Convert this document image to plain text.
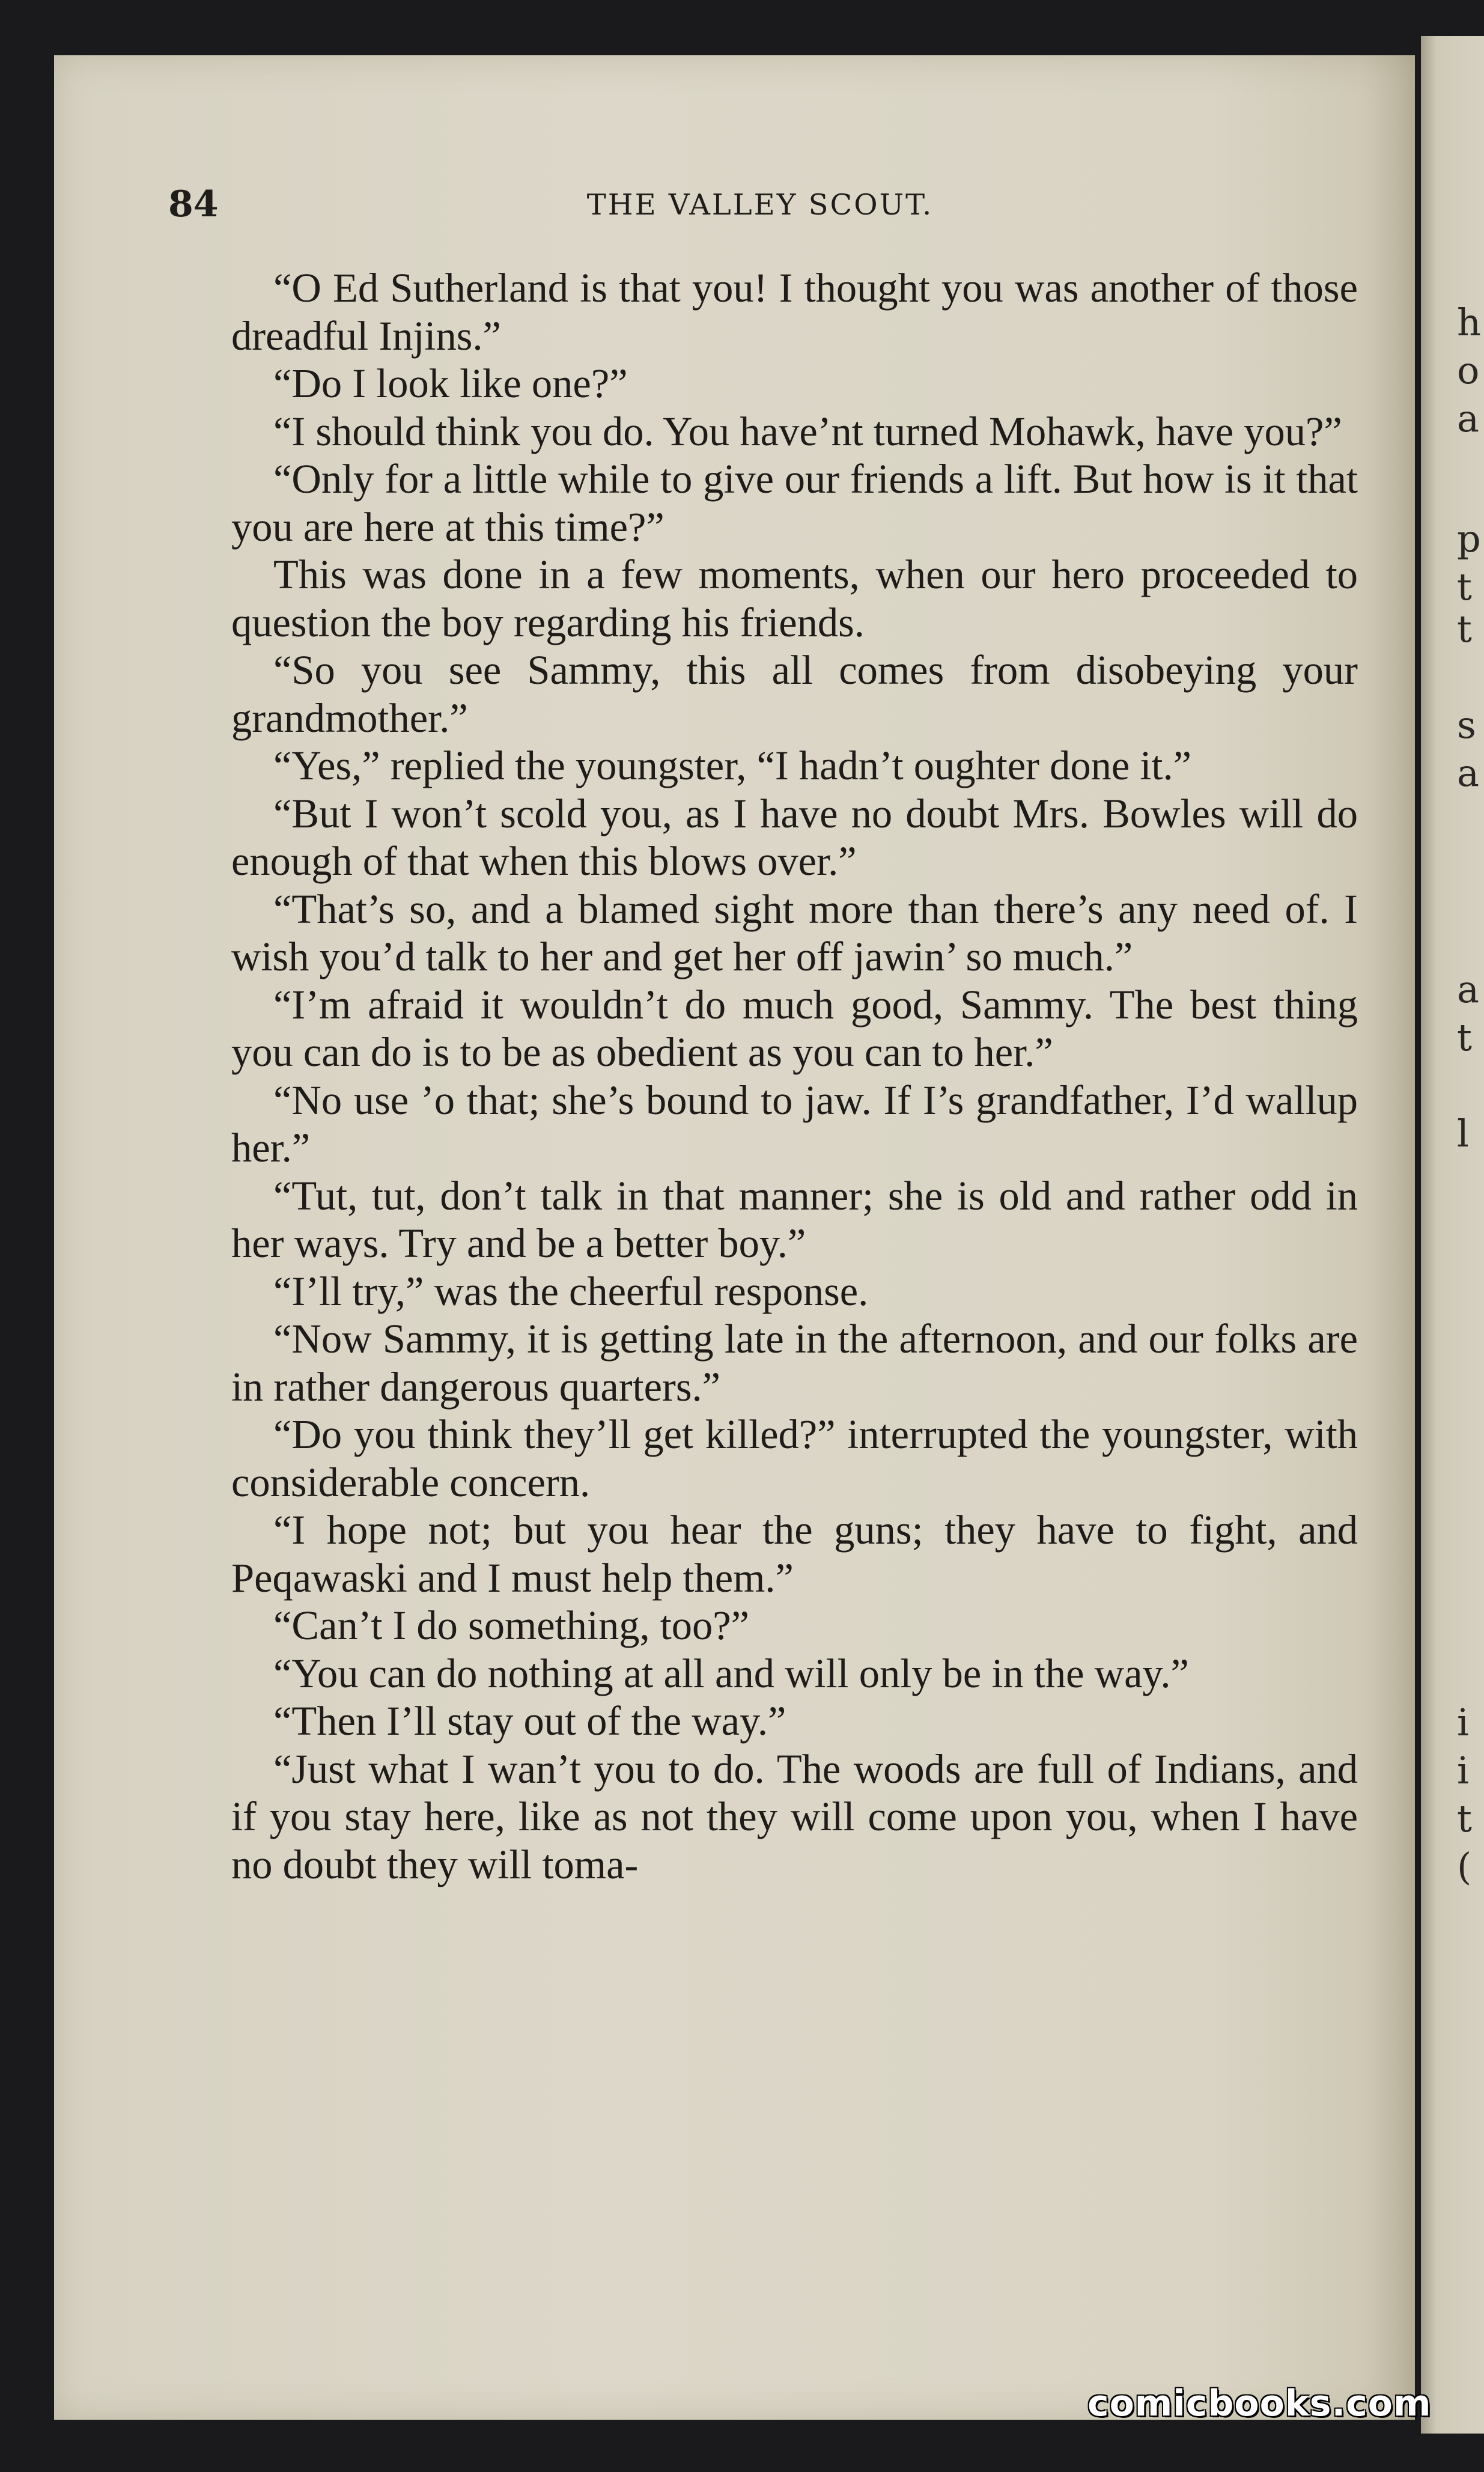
h
o
a
p
t
t
s
a
a
t
l
i
i
t
(
84	THE VALLEY SCOUT.

“O Ed Sutherland is that you! I thought you was another of those dreadful Injins.”

“Do I look like one?”

“I should think you do. You have’nt turned Mohawk, have you?”

“Only for a little while to give our friends a lift. But how is it that you are here at this time?”

This was done in a few moments, when our hero proceeded to question the boy regarding his friends.

“So you see Sammy, this all comes from disobeying your grandmother.”

“Yes,” replied the youngster, “I hadn’t oughter done it.”

“But I won’t scold you, as I have no doubt Mrs. Bowles will do enough of that when this blows over.”

“That’s so, and a blamed sight more than there’s any need of. I wish you’d talk to her and get her off jawin’ so much.”

“I’m afraid it wouldn’t do much good, Sammy. The best thing you can do is to be as obedient as you can to her.”

“No use ’o that; she’s bound to jaw. If I’s grandfather, I’d wallup her.”

“Tut, tut, don’t talk in that manner; she is old and rather odd in her ways. Try and be a better boy.”

“I’ll try,” was the cheerful response.

“Now Sammy, it is getting late in the afternoon, and our folks are in rather dangerous quarters.”

“Do you think they’ll get killed?” interrupted the youngster, with considerable concern.

“I hope not; but you hear the guns; they have to fight, and Peqawaski and I must help them.”

“Can’t I do something, too?”

“You can do nothing at all and will only be in the way.”

“Then I’ll stay out of the way.”

“Just what I wan’t you to do. The woods are full of Indians, and if you stay here, like as not they will come upon you, when I have no doubt they will toma-

comicbooks.com
